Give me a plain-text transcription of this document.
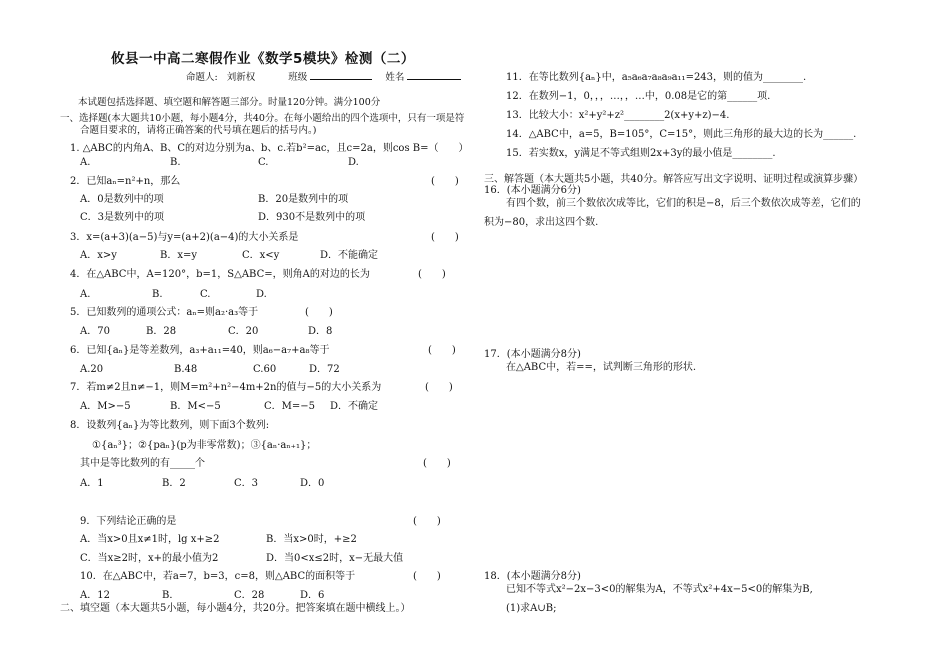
攸县一中高二寒假作业《数学5模块》检测（二）
命题人: 刘新权	班级	姓名
本试题包括选择题、填空题和解答题三部分。时量120分钟。满分100分
一、选择题(本大题共10小题，每小题4分，共40分。在每小题给出的四个选项中，只有一项是符
合题目要求的，请将正确答案的代号填在题后的括号内。)
1. △ABC的内角A、B、C的对边分别为a、b、c.若b²=ac，且c=2a，则cos B=（　　）
A.	B.	C.	D.
2．已知aₙ=n²+n，那么	(　　)
A．0是数列中的项	B．20是数列中的项
C．3是数列中的项	D．930不是数列中的项
3．x=(a+3)(a−5)与y=(a+2)(a−4)的大小关系是	(　　)
A．x>y	B．x=y	C．x<y	D．不能确定
4．在△ABC中，A=120°，b=1，S△ABC=，则角A的对边的长为	(　　)
A.	B.	C.	D.
5．已知数列的通项公式：aₙ=则a₂·a₃等于	(　　)
A．70	B．28	C．20	D．8
6．已知{aₙ}是等差数列，a₃+a₁₁=40，则a₆−a₇+a₈等于	(　　)
A.20	B.48	C.60	D．72
7．若m≠2且n≠−1，则M=m²+n²−4m+2n的值与−5的大小关系为	(　　)
A．M>−5	B．M<−5	C．M=−5 D．不确定
8．设数列{aₙ}为等比数列，则下面3个数列:
①{aₙ³}；②{paₙ}(p为非零常数)；③{aₙ·aₙ₊₁}；
其中是等比数列的有_____个	(　　)
A．1	B．2	C．3	D．0
9．下列结论正确的是	(　　)
A．当x>0且x≠1时，lg x+≥2	B．当x>0时，+≥2
C．当x≥2时，x+的最小值为2	D．当0<x≤2时，x−无最大值
10．在△ABC中，若a=7，b=3，c=8，则△ABC的面积等于	(　　)
A．12	B．	C．28	D．6
二、填空题（本大题共5小题，每小题4分，共20分。把答案填在题中横线上。）
11．在等比数列{aₙ}中，a₅a₆a₇a₈a₉a₁₁=243，则的值为________.
12．在数列−1，0，，，…，，…中，0.08是它的第______项.
13．比较大小：x²+y²+z²________2(x+y+z)−4.
14．△ABC中，a=5，B=105°，C=15°，则此三角形的最大边的长为______.
15．若实数x，y满足不等式组则2x+3y的最小值是________.
三、解答题（本大题共5小题，共40分。解答应写出文字说明、证明过程或演算步骤）
16．(本小题满分6分)
有四个数，前三个数依次成等比，它们的积是−8，后三个数依次成等差，它们的
积为−80，求出这四个数.
17．(本小题满分8分)
在△ABC中，若==，试判断三角形的形状.
18．(本小题满分8分)
已知不等式x²−2x−3<0的解集为A，不等式x²+4x−5<0的解集为B,
(1)求A∪B;
